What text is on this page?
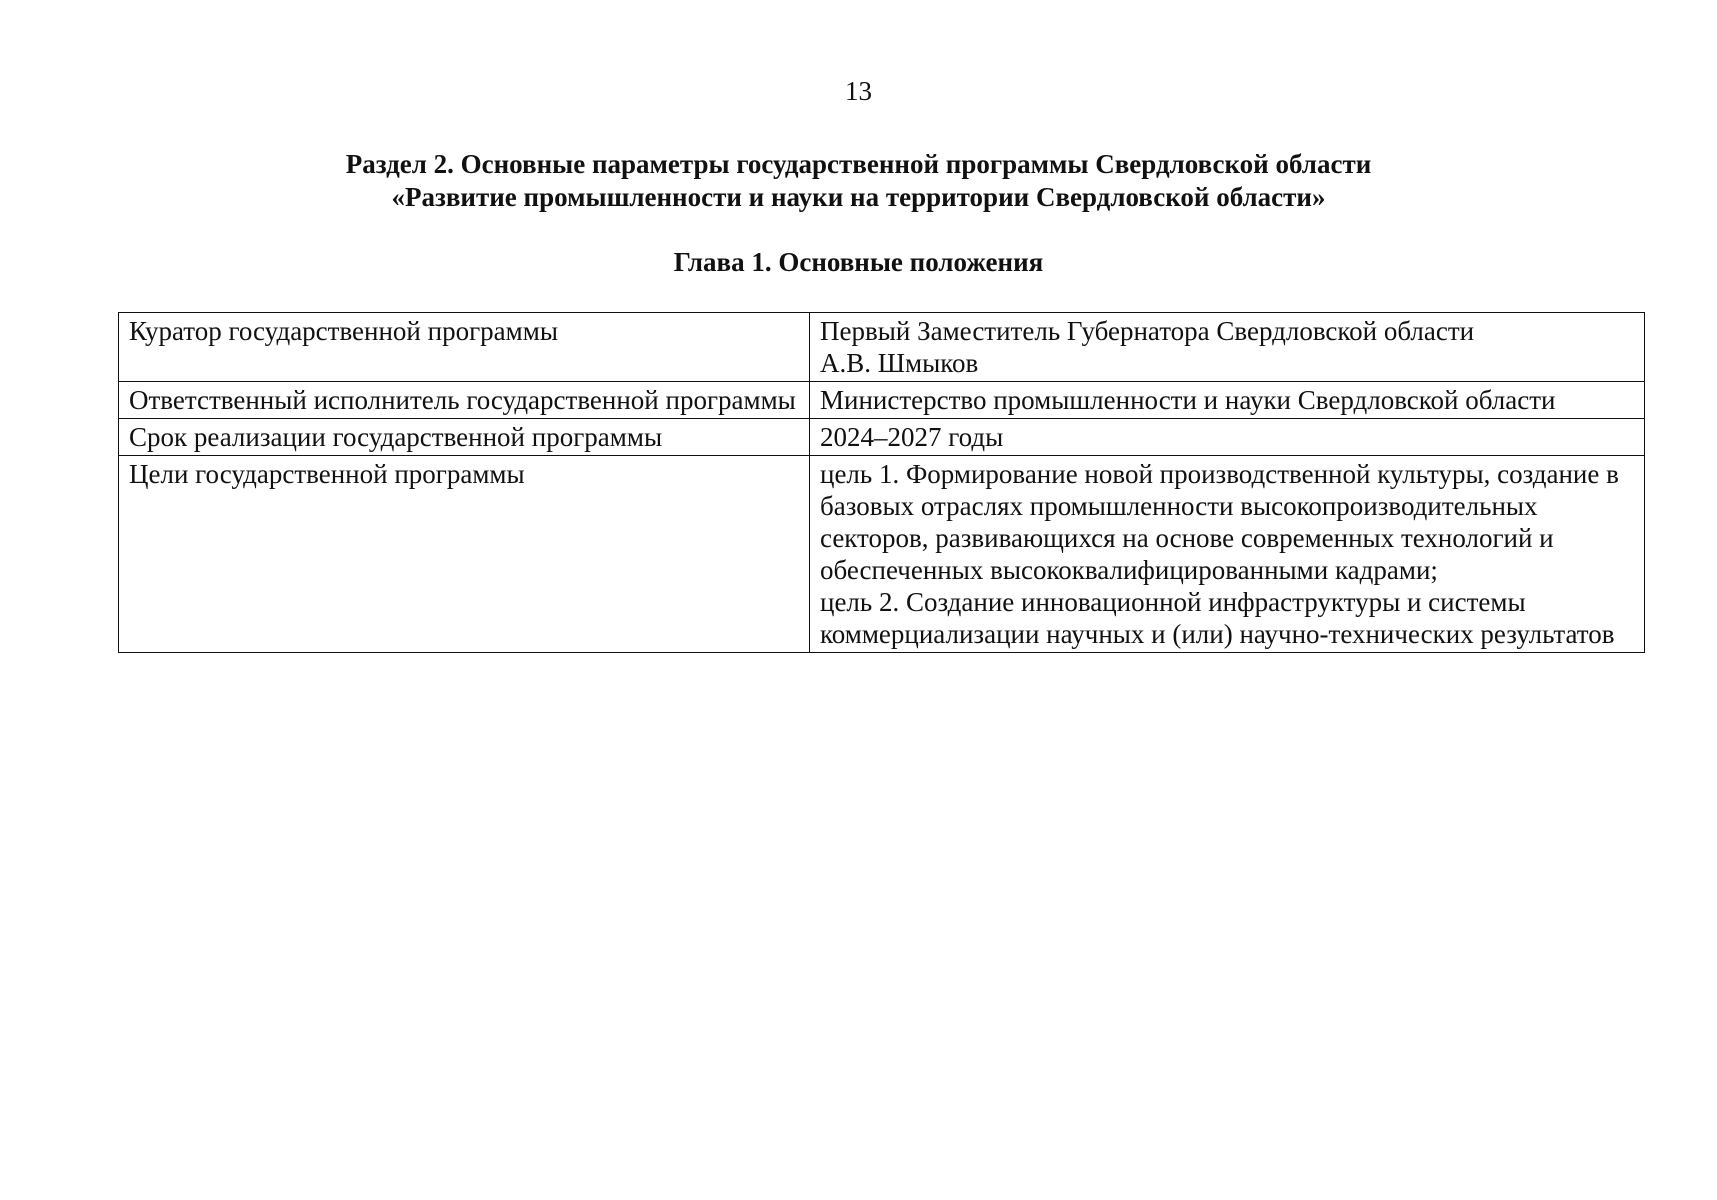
13
Раздел 2. Основные параметры государственной программы Свердловской области
«Развитие промышленности и науки на территории Свердловской области»
Глава 1. Основные положения
Куратор государственной программы	Первый Заместитель Губернатора Свердловской области
А.В. Шмыков

Ответственный исполнитель государственной программы	Министерство промышленности и науки Свердловской области

Срок реализации государственной программы	2024–2027 годы

Цели государственной программы	цель 1. Формирование новой производственной культуры, создание в базовых отраслях промышленности высокопроизводительных секторов, развивающихся на основе современных технологий и обеспеченных высококвалифицированными кадрами;
цель 2. Создание инновационной инфраструктуры и системы коммерциализации научных и (или) научно-технических результатов
